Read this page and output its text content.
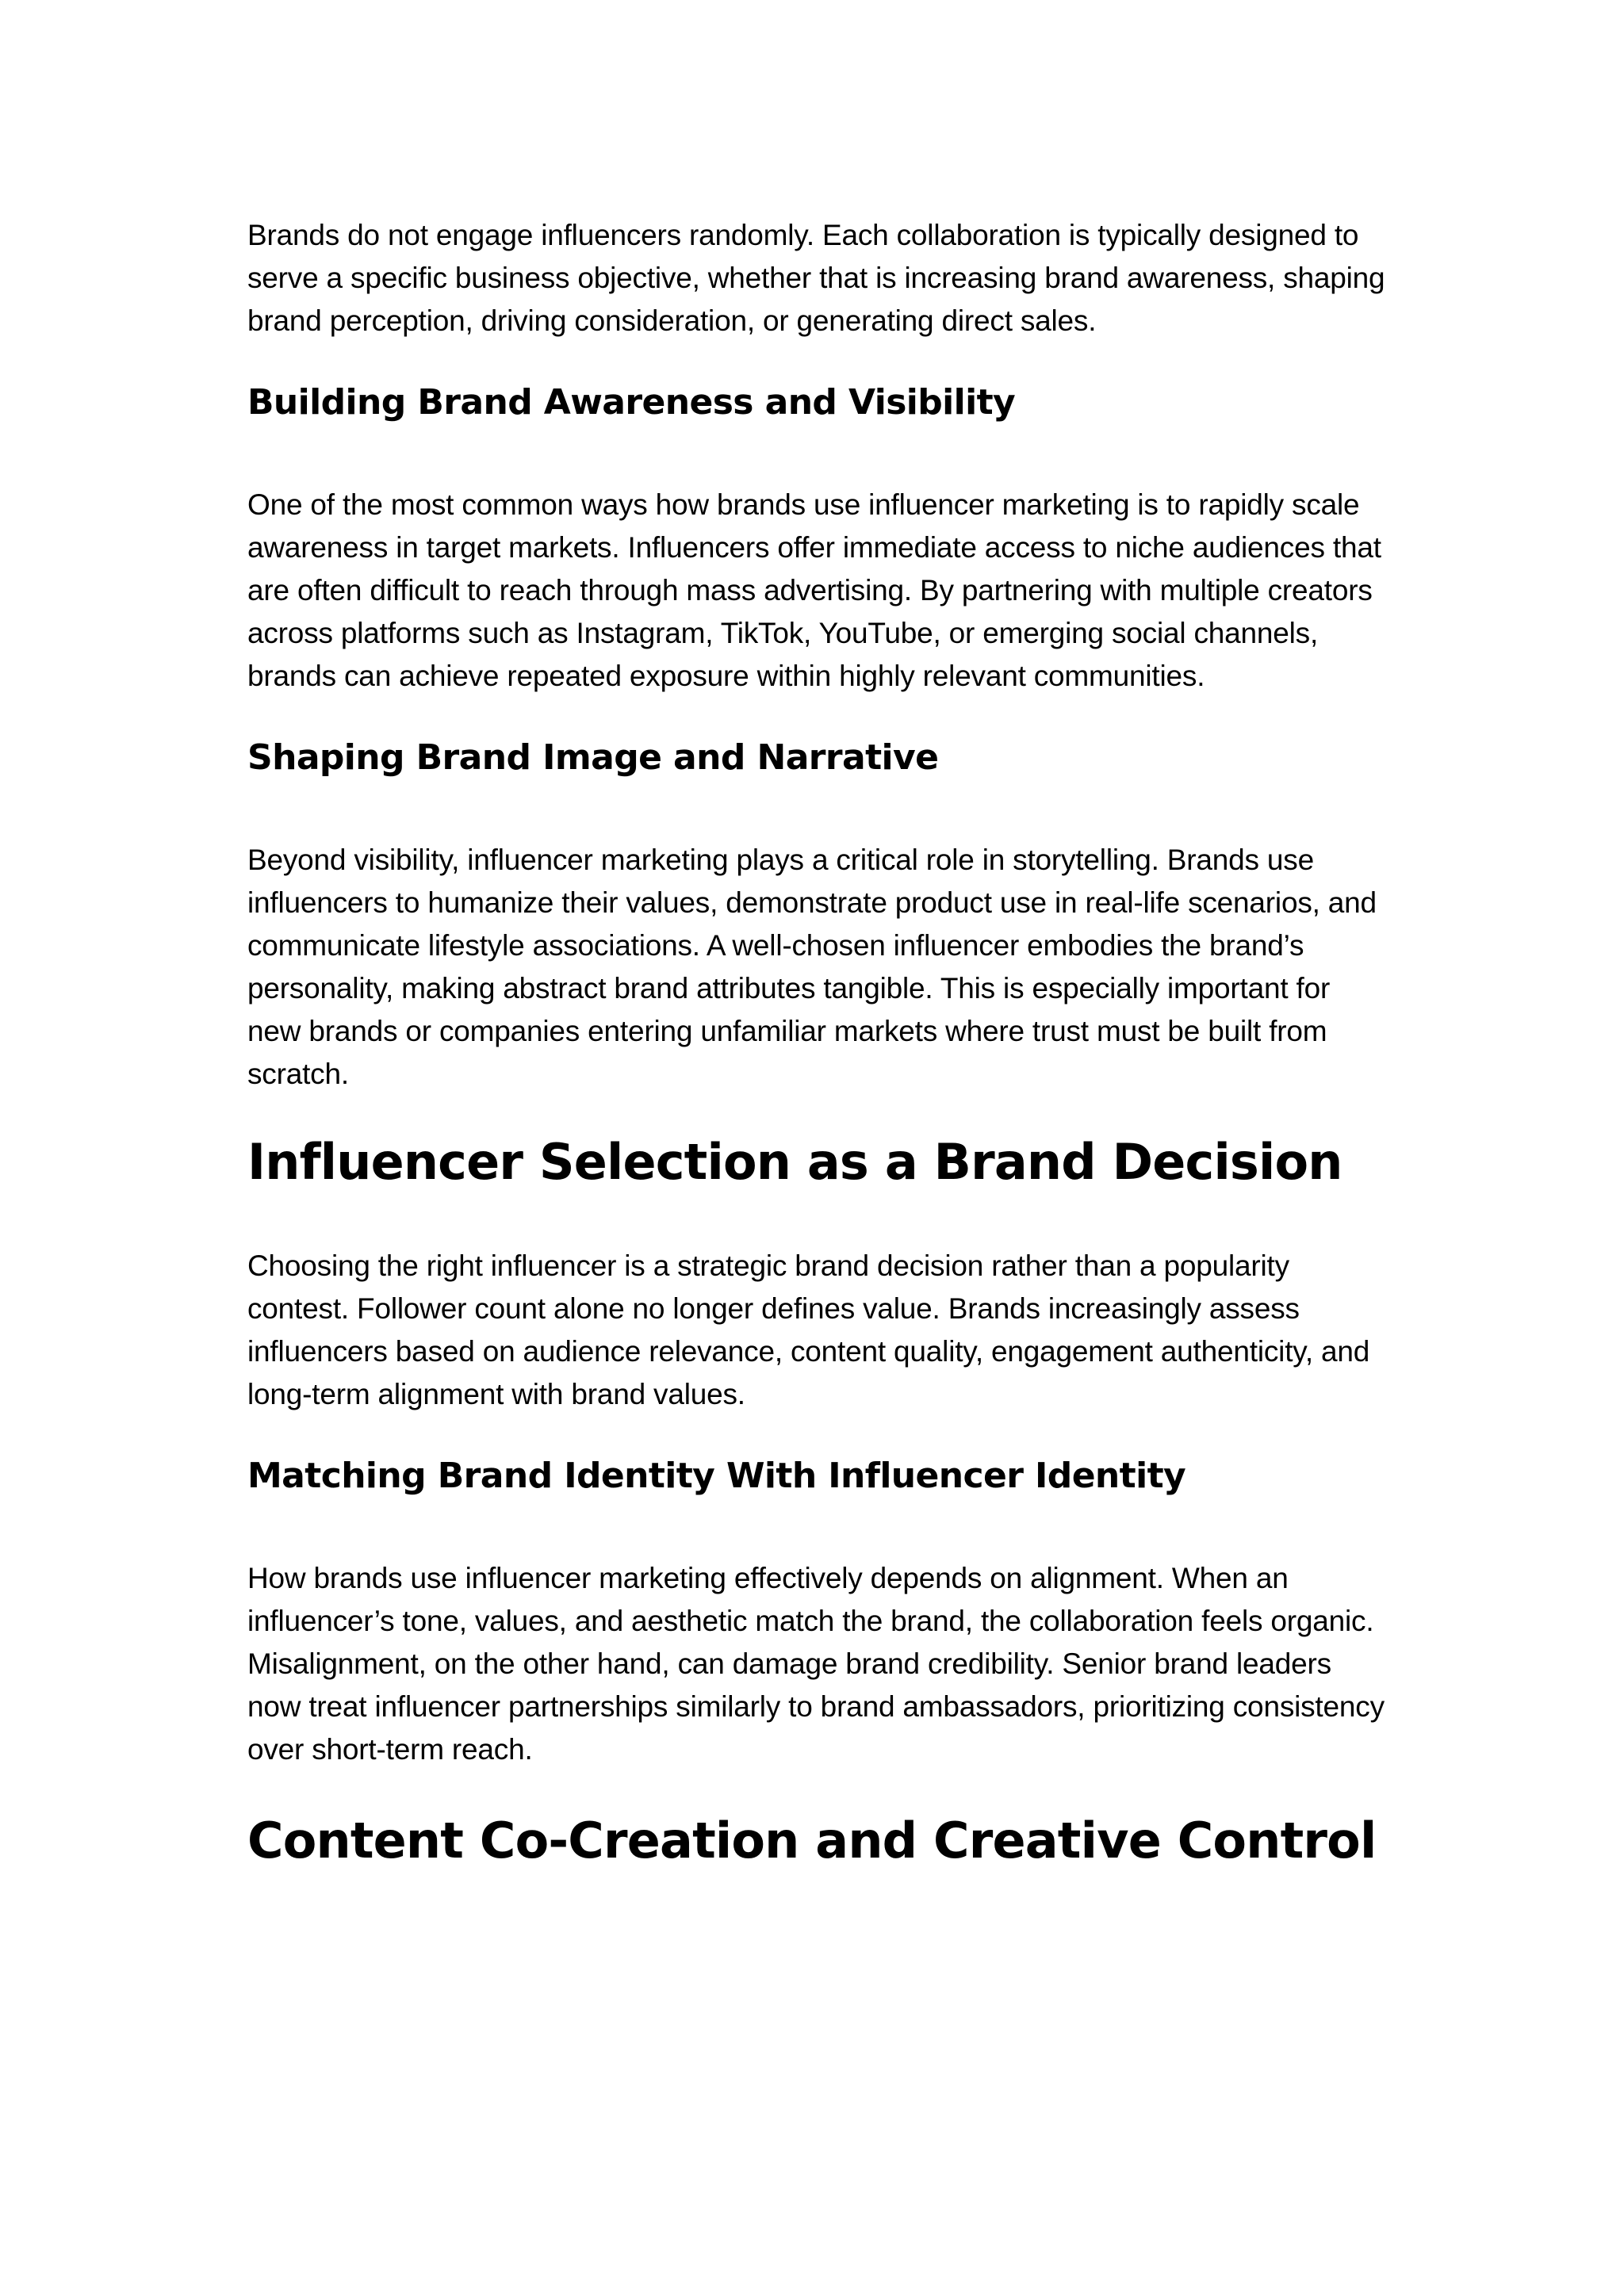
Brands do not engage influencers randomly. Each collaboration is typically designed to serve a specific business objective, whether that is increasing brand awareness, shaping brand perception, driving consideration, or generating direct sales.

Building Brand Awareness and Visibility

One of the most common ways how brands use influencer marketing is to rapidly scale awareness in target markets. Influencers offer immediate access to niche audiences that are often difficult to reach through mass advertising. By partnering with multiple creators across platforms such as Instagram, TikTok, YouTube, or emerging social channels, brands can achieve repeated exposure within highly relevant communities.

Shaping Brand Image and Narrative

Beyond visibility, influencer marketing plays a critical role in storytelling. Brands use influencers to humanize their values, demonstrate product use in real-life scenarios, and communicate lifestyle associations. A well-chosen influencer embodies the brand’s personality, making abstract brand attributes tangible. This is especially important for new brands or companies entering unfamiliar markets where trust must be built from scratch.

Influencer Selection as a Brand Decision

Choosing the right influencer is a strategic brand decision rather than a popularity contest. Follower count alone no longer defines value. Brands increasingly assess influencers based on audience relevance, content quality, engagement authenticity, and long-term alignment with brand values.

Matching Brand Identity With Influencer Identity

How brands use influencer marketing effectively depends on alignment. When an influencer’s tone, values, and aesthetic match the brand, the collaboration feels organic. Misalignment, on the other hand, can damage brand credibility. Senior brand leaders now treat influencer partnerships similarly to brand ambassadors, prioritizing consistency over short-term reach.

Content Co-Creation and Creative Control
